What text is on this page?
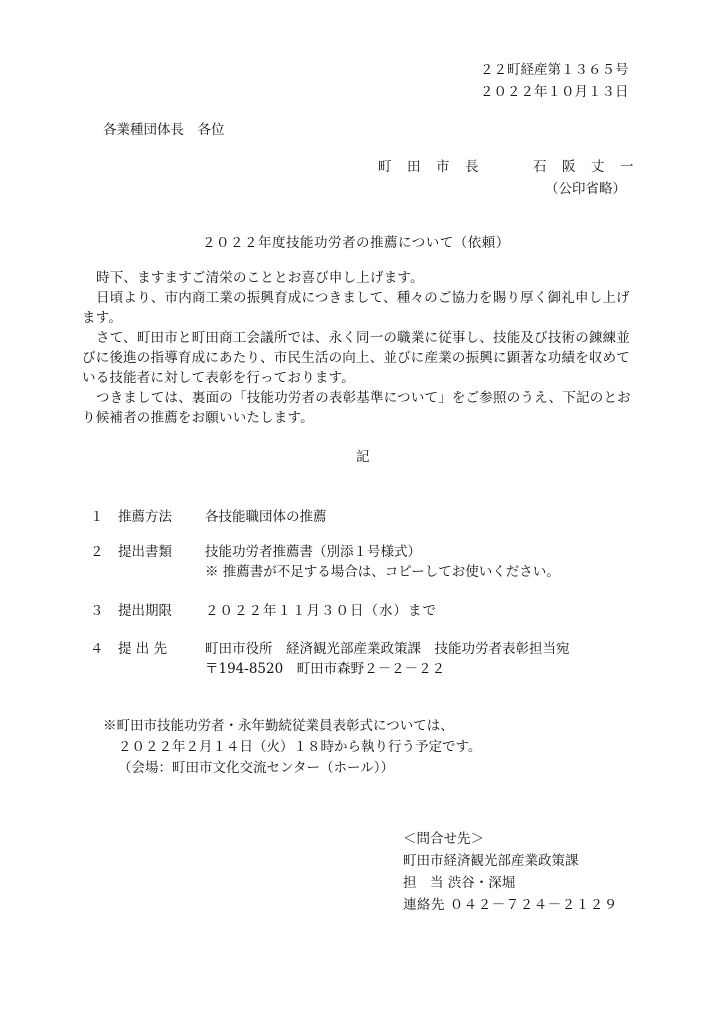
２２町経産第１３６５号
２０２２年１０月１３日
各業種団体長　各位
町　田　市　長	石　阪　丈　一
（公印省略）
２０２２年度技能功労者の推薦について（依頼）
時下、ますますご清栄のこととお喜び申し上げます。
日頃より、市内商工業の振興育成につきまして、種々のご協力を賜り厚く御礼申し上げます。
さて、町田市と町田商工会議所では、永く同一の職業に従事し、技能及び技術の錬練並びに後進の指導育成にあたり、市民生活の向上、並びに産業の振興に顕著な功績を収めている技能者に対して表彰を行っております。
つきましては、裏面の「技能功労者の表彰基準について」をご参照のうえ、下記のとおり候補者の推薦をお願いいたします。
記
１ 推薦方法 各技能職団体の推薦
２ 提出書類 技能功労者推薦書（別添１号様式）
※ 推薦書が不足する場合は、コピーしてお使いください。
３ 提出期限 ２０２２年１１月３０日（水）まで
４ 提 出 先	町田市役所　経済観光部産業政策課　技能功労者表彰担当宛
〒194-8520　町田市森野２－２－２２
※町田市技能功労者・永年勤続従業員表彰式については、
２０２２年２月１４日（火）１８時から執り行う予定です。
（会場：町田市文化交流センター（ホール））
＜問合せ先＞
町田市経済観光部産業政策課
担　当 渋谷・深堀
連絡先 ０４２－７２４－２１２９
